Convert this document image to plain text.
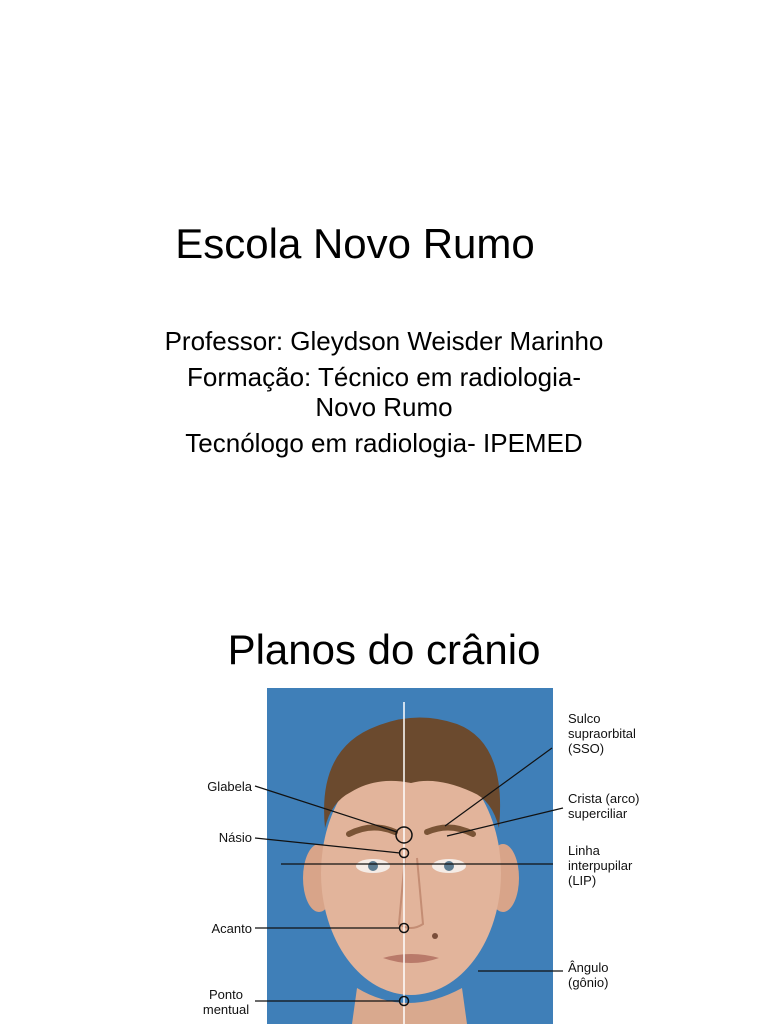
Escola Novo Rumo
Professor: Gleydson Weisder Marinho
Formação: Técnico em radiologia-
Novo Rumo
Tecnólogo em radiologia- IPEMED
Planos do crânio
Glabela
Násio
Acanto
Ponto
mentual
Sulco
supraorbital
(SSO)
Crista (arco)
superciliar
Linha
interpupilar
(LIP)
Ângulo
(gônio)
